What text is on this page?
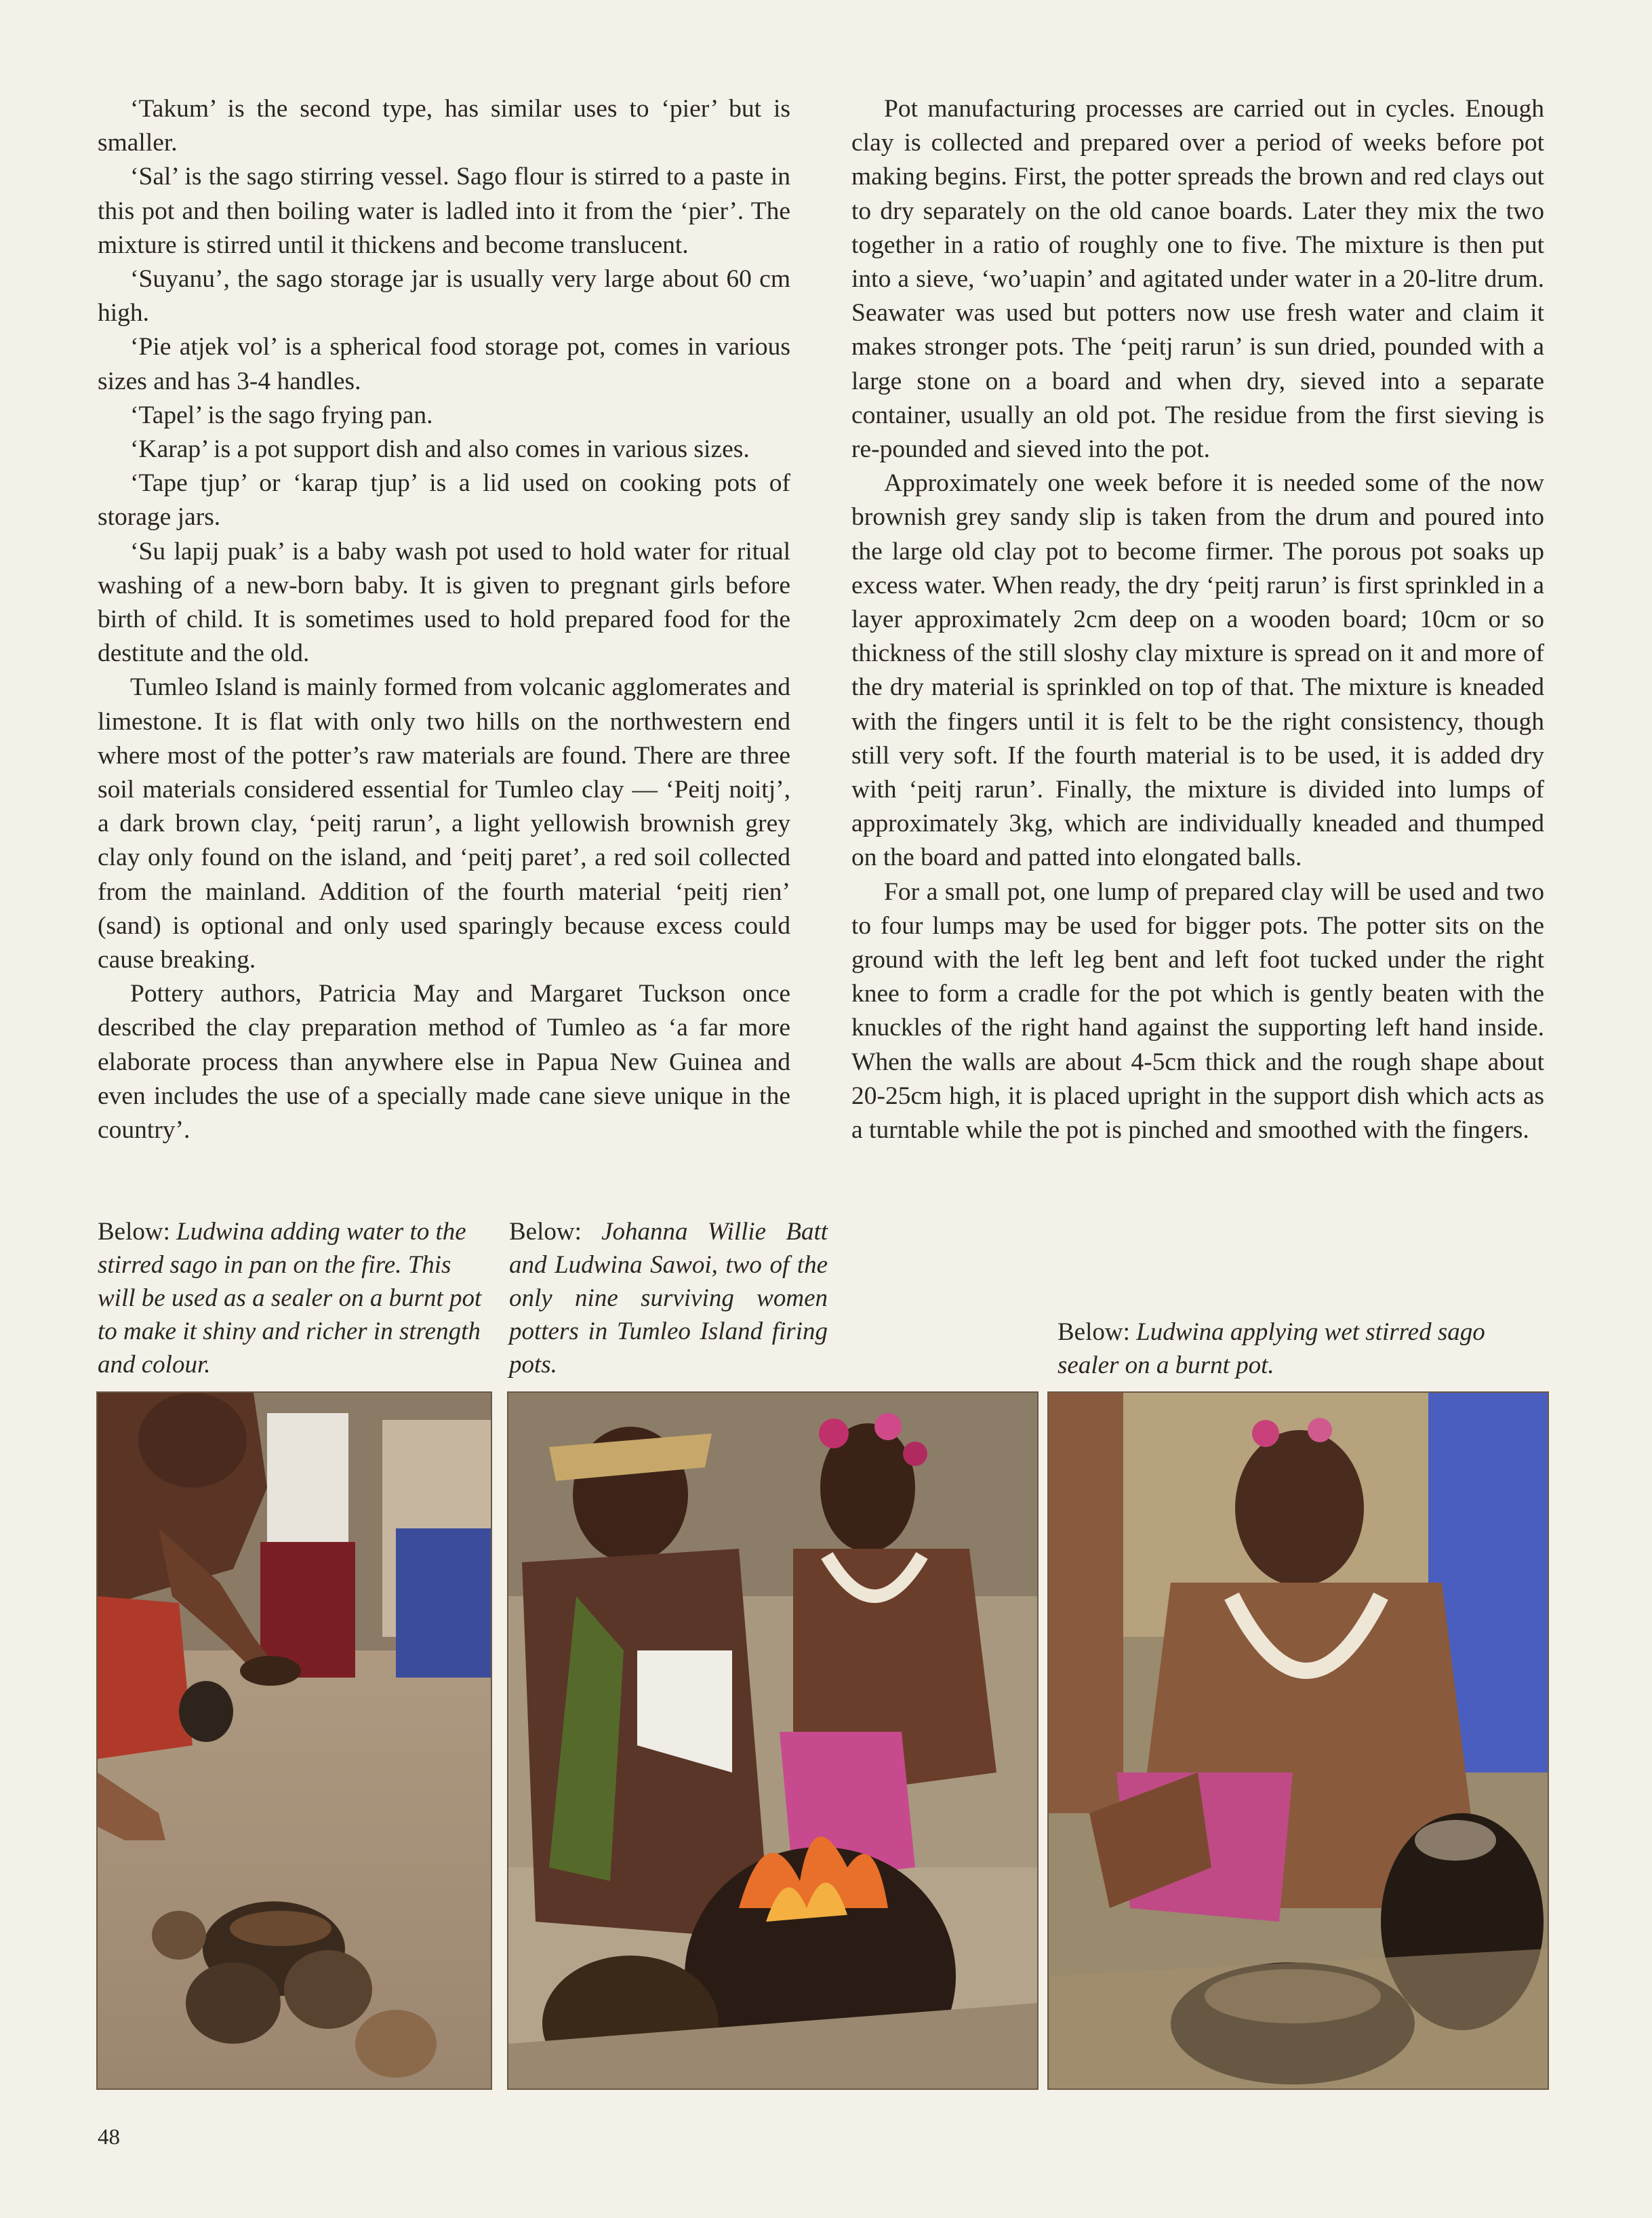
‘Takum’ is the second type, has similar uses to ‘pier’ but is smaller.

‘Sal’ is the sago stirring vessel. Sago flour is stirred to a paste in this pot and then boiling water is ladled into it from the ‘pier’. The mixture is stirred until it thickens and become translucent.

‘Suyanu’, the sago storage jar is usually very large about 60 cm high.

‘Pie atjek vol’ is a spherical food storage pot, comes in various sizes and has 3-4 handles.

‘Tapel’ is the sago frying pan.

‘Karap’ is a pot support dish and also comes in various sizes.

‘Tape tjup’ or ‘karap tjup’ is a lid used on cooking pots of storage jars.

‘Su lapij puak’ is a baby wash pot used to hold water for ritual washing of a new-born baby. It is given to pregnant girls before birth of child. It is sometimes used to hold prepared food for the destitute and the old.

Tumleo Island is mainly formed from volcanic agglomerates and limestone. It is flat with only two hills on the northwestern end where most of the potter’s raw materials are found. There are three soil materials considered essential for Tumleo clay — ‘Peitj noitj’, a dark brown clay, ‘peitj rarun’, a light yellowish brownish grey clay only found on the island, and ‘peitj paret’, a red soil collected from the mainland. Addition of the fourth material ‘peitj rien’ (sand) is optional and only used sparingly because excess could cause breaking.

Pottery authors, Patricia May and Margaret Tuckson once described the clay preparation method of Tumleo as ‘a far more elaborate process than anywhere else in Papua New Guinea and even includes the use of a specially made cane sieve unique in the country’.

Pot manufacturing processes are carried out in cycles. Enough clay is collected and prepared over a period of weeks before pot making begins. First, the potter spreads the brown and red clays out to dry separately on the old canoe boards. Later they mix the two together in a ratio of roughly one to five. The mixture is then put into a sieve, ‘wo’uapin’ and agitated under water in a 20-litre drum. Seawater was used but potters now use fresh water and claim it makes stronger pots. The ‘peitj rarun’ is sun dried, pounded with a large stone on a board and when dry, sieved into a separate container, usually an old pot. The residue from the first sieving is re-pounded and sieved into the pot.

Approximately one week before it is needed some of the now brownish grey sandy slip is taken from the drum and poured into the large old clay pot to become firmer. The porous pot soaks up excess water. When ready, the dry ‘peitj rarun’ is first sprinkled in a layer approximately 2cm deep on a wooden board; 10cm or so thickness of the still sloshy clay mixture is spread on it and more of the dry material is sprinkled on top of that. The mixture is kneaded with the fingers until it is felt to be the right consistency, though still very soft. If the fourth material is to be used, it is added dry with ‘peitj rarun’. Finally, the mixture is divided into lumps of approximately 3kg, which are individually kneaded and thumped on the board and patted into elongated balls.

For a small pot, one lump of prepared clay will be used and two to four lumps may be used for bigger pots. The potter sits on the ground with the left leg bent and left foot tucked under the right knee to form a cradle for the pot which is gently beaten with the knuckles of the right hand against the supporting left hand inside. When the walls are about 4-5cm thick and the rough shape about 20-25cm high, it is placed upright in the support dish which acts as a turntable while the pot is pinched and smoothed with the fingers.

Below: Ludwina adding water to the stirred sago in pan on the fire. This will be used as a sealer on a burnt pot to make it shiny and richer in strength and colour.

Below: Johanna Willie Batt and Ludwina Sawoi, two of the only nine surviving women potters in Tumleo Island firing pots.

Below: Ludwina applying wet stirred sago sealer on a burnt pot.

48
